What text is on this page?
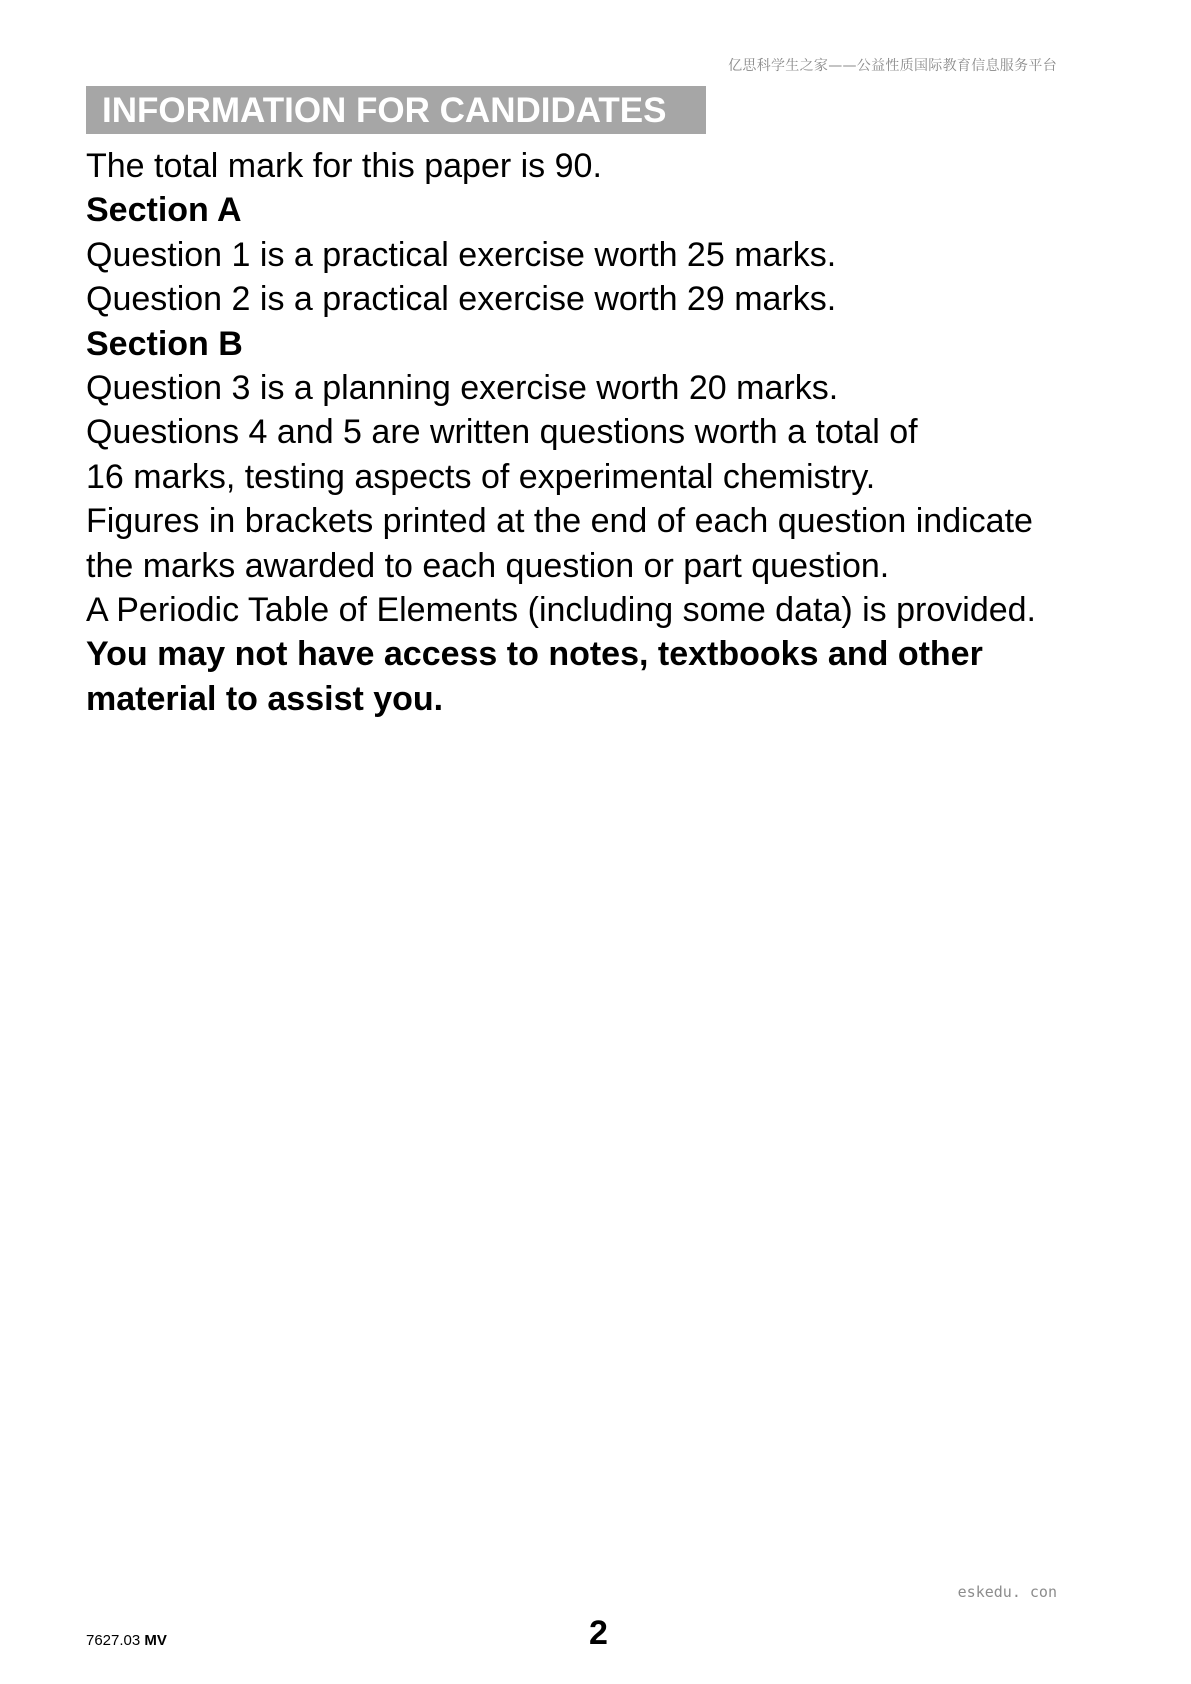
亿思科学生之家——公益性质国际教育信息服务平台
INFORMATION FOR CANDIDATES
The total mark for this paper is 90.
Section A
Question 1 is a practical exercise worth 25 marks.
Question 2 is a practical exercise worth 29 marks.
Section B
Question 3 is a planning exercise worth 20 marks.
Questions 4 and 5 are written questions worth a total of
16 marks, testing aspects of experimental chemistry.
Figures in brackets printed at the end of each question indicate
the marks awarded to each question or part question.
A Periodic Table of Elements (including some data) is provided.
You may not have access to notes, textbooks and other
material to assist you.
eskedu. con
7627.03 MV	2
